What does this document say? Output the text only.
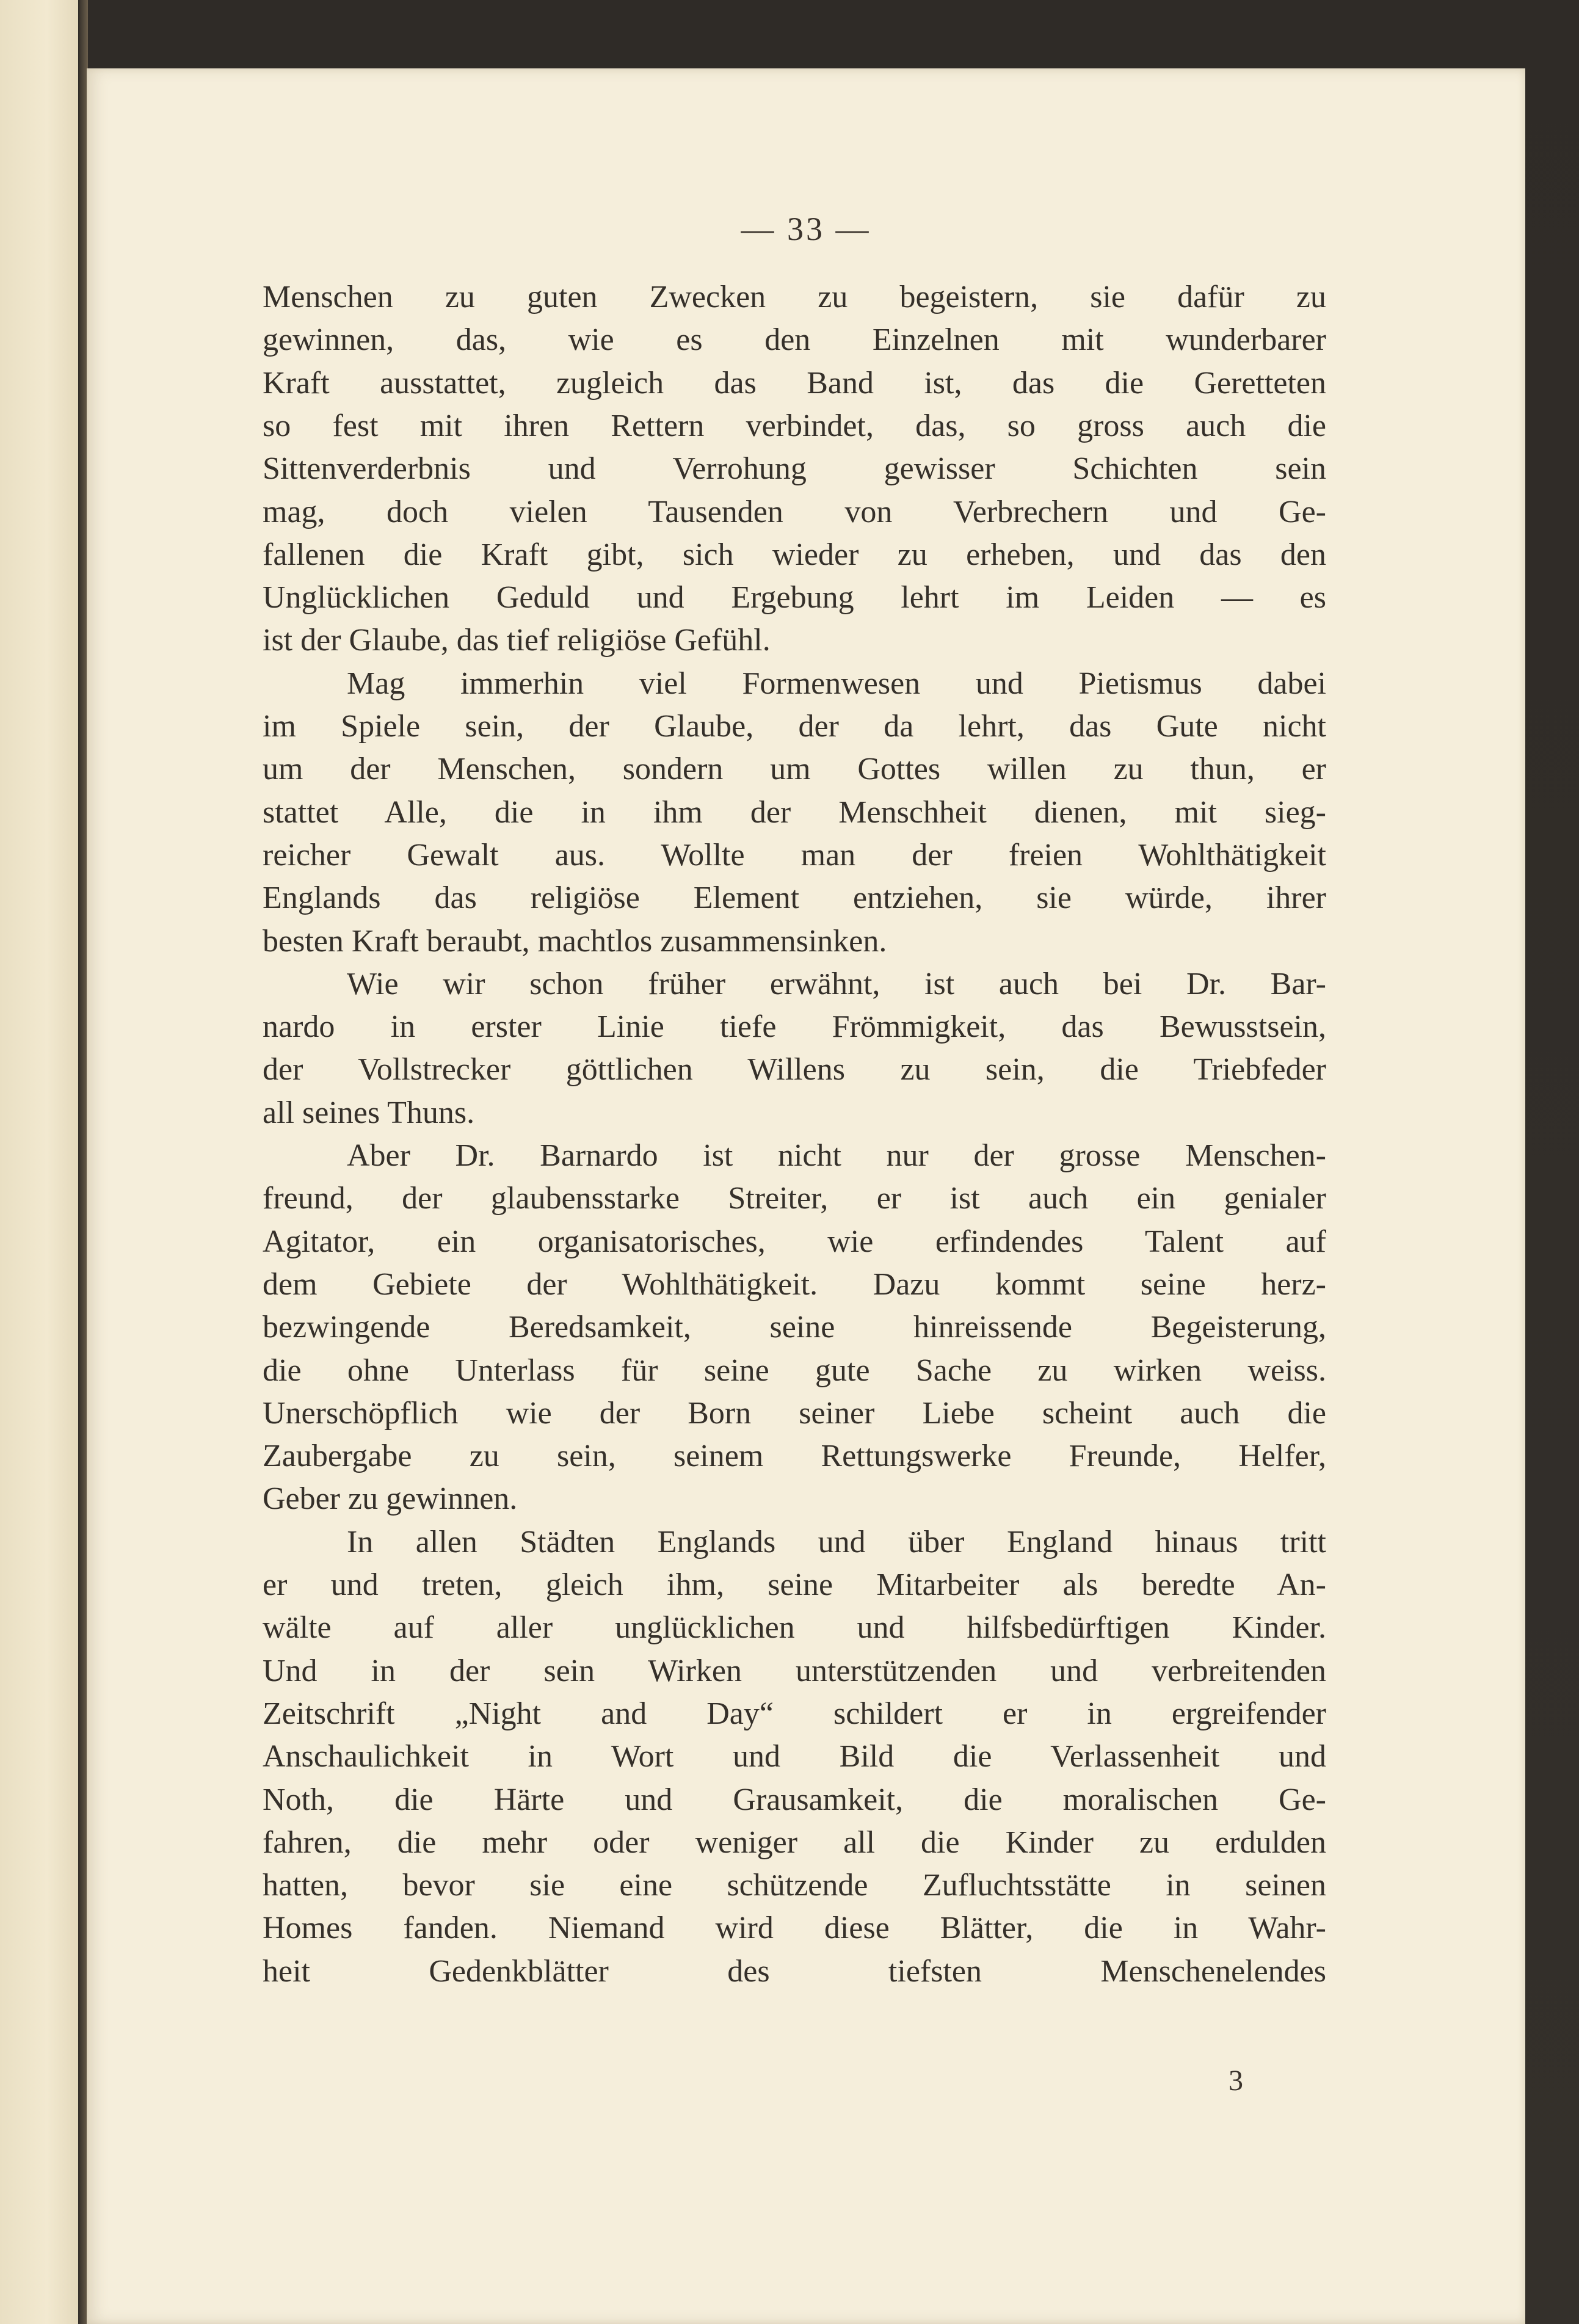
— 33 —
Menschen zu guten Zwecken zu begeistern, sie dafür zu
gewinnen, das, wie es den Einzelnen mit wunderbarer
Kraft ausstattet, zugleich das Band ist, das die Geretteten
so fest mit ihren Rettern verbindet, das, so gross auch die
Sittenverderbnis und Verrohung gewisser Schichten sein
mag, doch vielen Tausenden von Verbrechern und Ge-
fallenen die Kraft gibt, sich wieder zu erheben, und das den
Unglücklichen Geduld und Ergebung lehrt im Leiden — es
ist der Glaube, das tief religiöse Gefühl.
Mag immerhin viel Formenwesen und Pietismus dabei
im Spiele sein, der Glaube, der da lehrt, das Gute nicht
um der Menschen, sondern um Gottes willen zu thun, er
stattet Alle, die in ihm der Menschheit dienen, mit sieg-
reicher Gewalt aus. Wollte man der freien Wohlthätigkeit
Englands das religiöse Element entziehen, sie würde, ihrer
besten Kraft beraubt, machtlos zusammensinken.
Wie wir schon früher erwähnt, ist auch bei Dr. Bar-
nardo in erster Linie tiefe Frömmigkeit, das Bewusstsein,
der Vollstrecker göttlichen Willens zu sein, die Triebfeder
all seines Thuns.
Aber Dr. Barnardo ist nicht nur der grosse Menschen-
freund, der glaubensstarke Streiter, er ist auch ein genialer
Agitator, ein organisatorisches, wie erfindendes Talent auf
dem Gebiete der Wohlthätigkeit. Dazu kommt seine herz-
bezwingende Beredsamkeit, seine hinreissende Begeisterung,
die ohne Unterlass für seine gute Sache zu wirken weiss.
Unerschöpflich wie der Born seiner Liebe scheint auch die
Zaubergabe zu sein, seinem Rettungswerke Freunde, Helfer,
Geber zu gewinnen.
In allen Städten Englands und über England hinaus tritt
er und treten, gleich ihm, seine Mitarbeiter als beredte An-
wälte auf aller unglücklichen und hilfsbedürftigen Kinder.
Und in der sein Wirken unterstützenden und verbreitenden
Zeitschrift „Night and Day“ schildert er in ergreifender
Anschaulichkeit in Wort und Bild die Verlassenheit und
Noth, die Härte und Grausamkeit, die moralischen Ge-
fahren, die mehr oder weniger all die Kinder zu erdulden
hatten, bevor sie eine schützende Zufluchtsstätte in seinen
Homes fanden. Niemand wird diese Blätter, die in Wahr-
heit Gedenkblätter des tiefsten Menschenelendes
3
